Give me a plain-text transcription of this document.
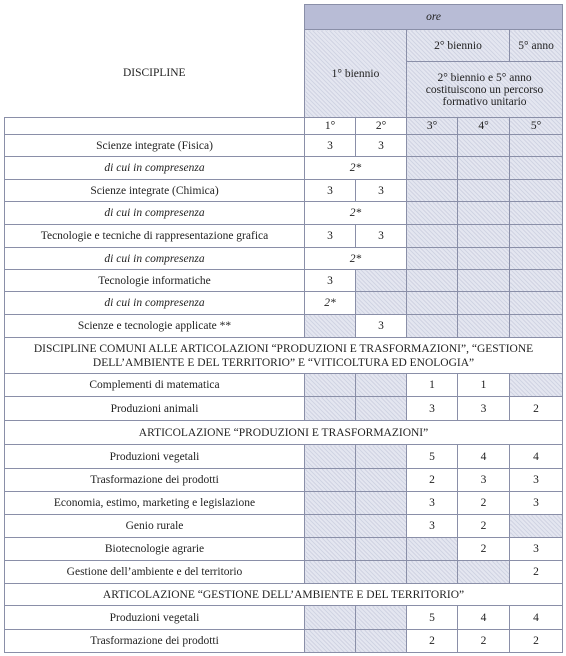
	ore				
DISCIPLINE	1° biennio		2° biennio		5° anno
			2° biennio e 5° anno costituiscono un percorso formativo unitario		
	1°	2°	3°	4°	5°
Scienze integrate (Fisica)	3	3			
di cui in compresenza	2*				
Scienze integrate (Chimica)	3	3			
di cui in compresenza	2*				
Tecnologie e tecniche di rappresentazione grafica	3	3			
di cui in compresenza	2*				
Tecnologie informatiche	3				
di cui in compresenza	2*				
Scienze e tecnologie applicate **		3			
DISCIPLINE COMUNI ALLE ARTICOLAZIONI “PRODUZIONI E TRASFORMAZIONI”, “GESTIONE DELL’AMBIENTE E DEL TERRITORIO” E “VITICOLTURA ED ENOLOGIA”					
Complementi di matematica			1	1	
Produzioni animali			3	3	2
ARTICOLAZIONE “PRODUZIONI E TRASFORMAZIONI”					
Produzioni vegetali			5	4	4
Trasformazione dei prodotti			2	3	3
Economia, estimo, marketing e legislazione			3	2	3
Genio rurale			3	2	
Biotecnologie agrarie				2	3
Gestione dell’ambiente e del territorio					2
ARTICOLAZIONE “GESTIONE DELL’AMBIENTE E DEL TERRITORIO”					
Produzioni vegetali			5	4	4
Trasformazione dei prodotti			2	2	2
